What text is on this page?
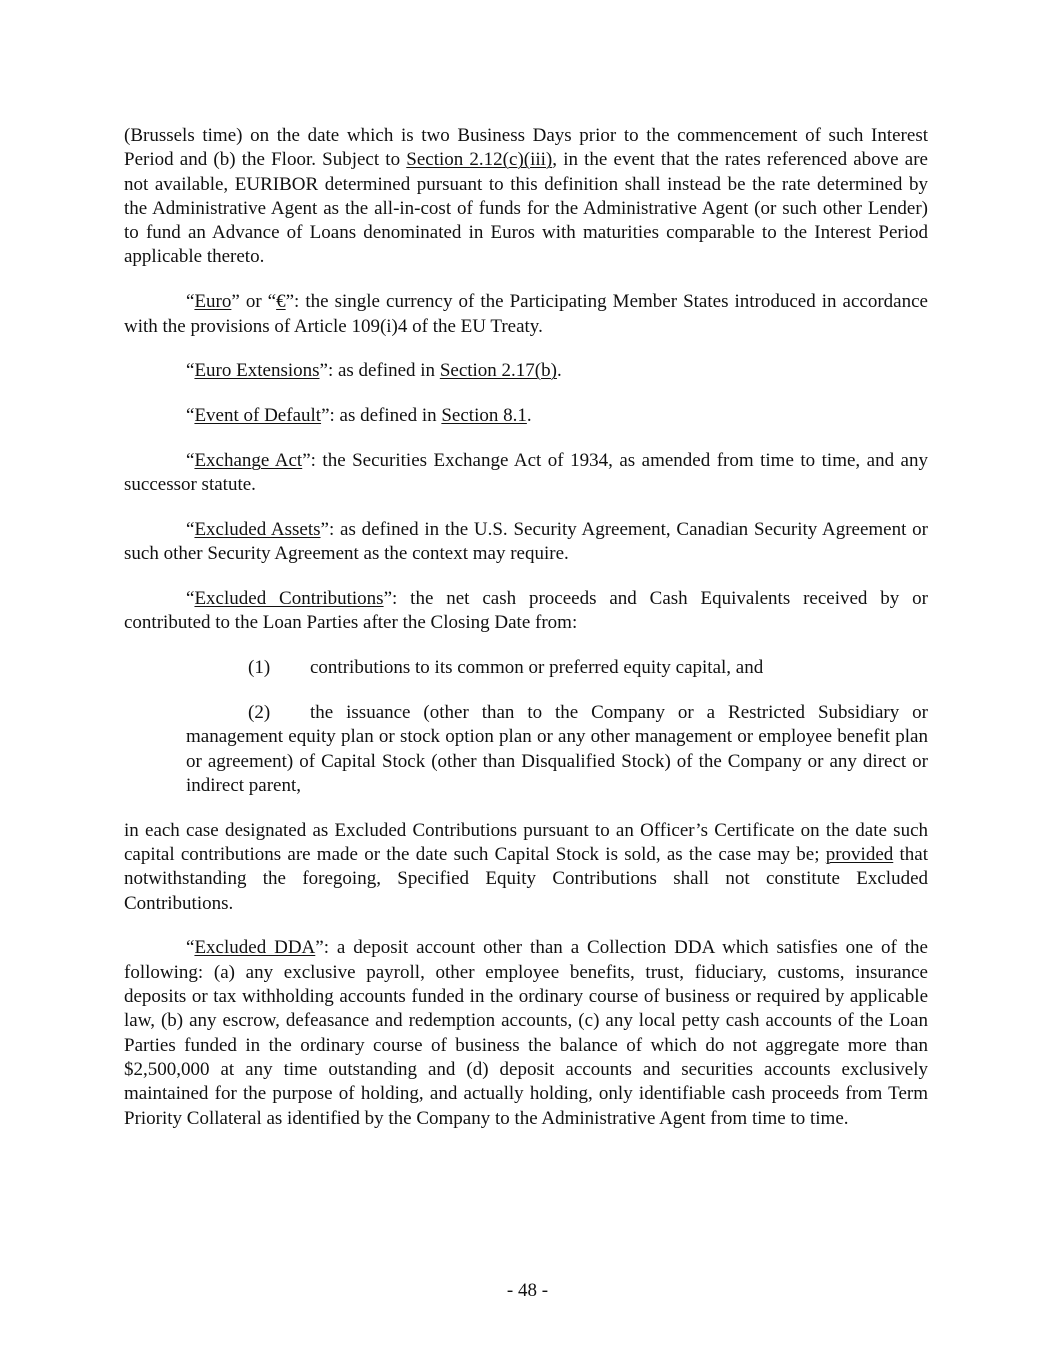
(Brussels time) on the date which is two Business Days prior to the commencement of such Interest Period and (b) the Floor. Subject to Section 2.12(c)(iii), in the event that the rates referenced above are not available, EURIBOR determined pursuant to this definition shall instead be the rate determined by the Administrative Agent as the all-in-cost of funds for the Administrative Agent (or such other Lender) to fund an Advance of Loans denominated in Euros with maturities comparable to the Interest Period applicable thereto.

“Euro” or “€”: the single currency of the Participating Member States introduced in accordance with the provisions of Article 109(i)4 of the EU Treaty.

“Euro Extensions”: as defined in Section 2.17(b).

“Event of Default”: as defined in Section 8.1.

“Exchange Act”: the Securities Exchange Act of 1934, as amended from time to time, and any successor statute.

“Excluded Assets”: as defined in the U.S. Security Agreement, Canadian Security Agreement or such other Security Agreement as the context may require.

“Excluded Contributions”: the net cash proceeds and Cash Equivalents received by or contributed to the Loan Parties after the Closing Date from:

(1) contributions to its common or preferred equity capital, and

(2) the issuance (other than to the Company or a Restricted Subsidiary or management equity plan or stock option plan or any other management or employee benefit plan or agreement) of Capital Stock (other than Disqualified Stock) of the Company or any direct or indirect parent,

in each case designated as Excluded Contributions pursuant to an Officer’s Certificate on the date such capital contributions are made or the date such Capital Stock is sold, as the case may be; provided that notwithstanding the foregoing, Specified Equity Contributions shall not constitute Excluded Contributions.

“Excluded DDA”: a deposit account other than a Collection DDA which satisfies one of the following: (a) any exclusive payroll, other employee benefits, trust, fiduciary, customs, insurance deposits or tax withholding accounts funded in the ordinary course of business or required by applicable law, (b) any escrow, defeasance and redemption accounts, (c) any local petty cash accounts of the Loan Parties funded in the ordinary course of business the balance of which do not aggregate more than $2,500,000 at any time outstanding and (d) deposit accounts and securities accounts exclusively maintained for the purpose of holding, and actually holding, only identifiable cash proceeds from Term Priority Collateral as identified by the Company to the Administrative Agent from time to time.

- 48 -
